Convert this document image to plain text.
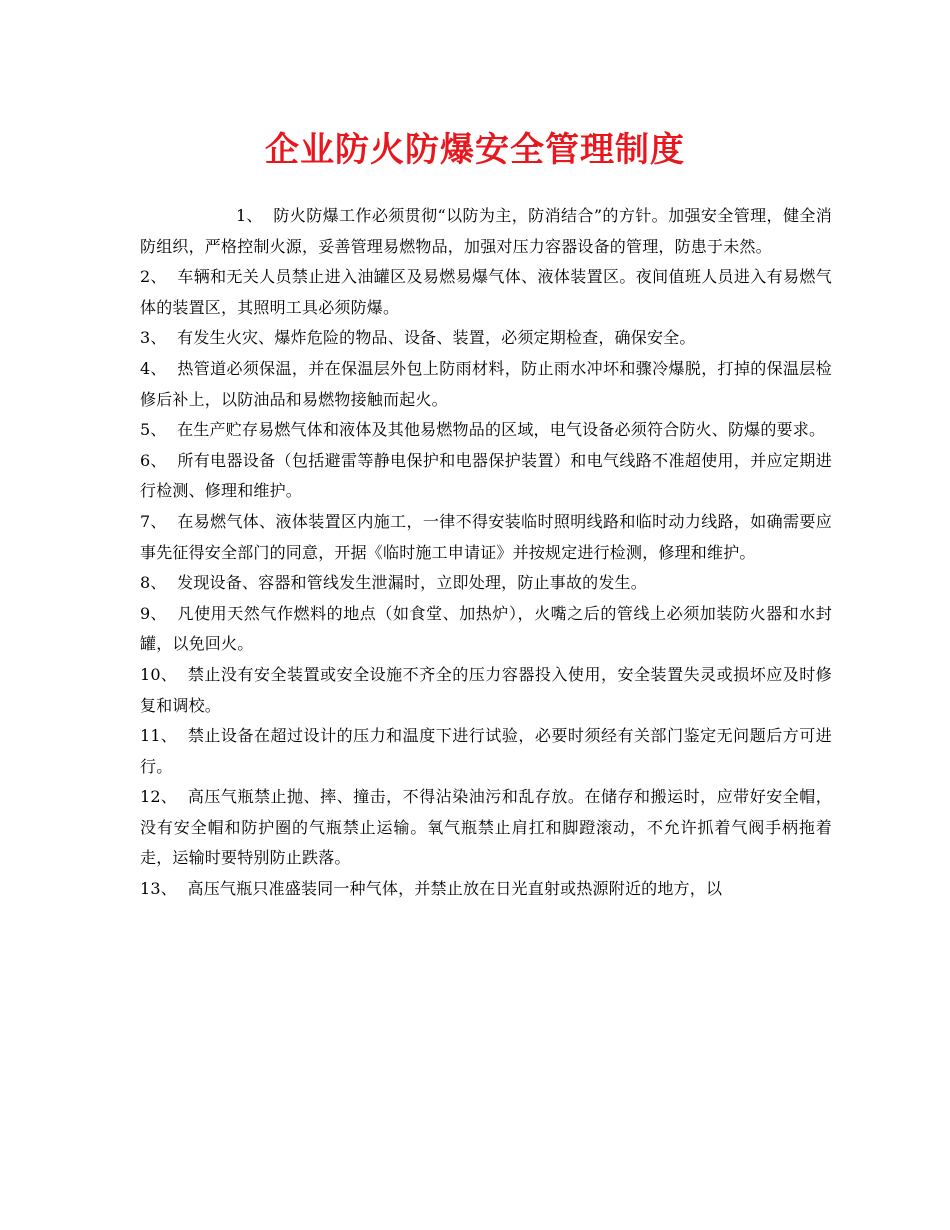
企业防火防爆安全管理制度

1、  防火防爆工作必须贯彻“以防为主，防消结合”的方针。加强安全管理，健全消防组织，严格控制火源，妥善管理易燃物品，加强对压力容器设备的管理，防患于未然。

2、  车辆和无关人员禁止进入油罐区及易燃易爆气体、液体装置区。夜间值班人员进入有易燃气体的装置区，其照明工具必须防爆。

3、  有发生火灾、爆炸危险的物品、设备、装置，必须定期检查，确保安全。

4、  热管道必须保温，并在保温层外包上防雨材料，防止雨水冲坏和骤冷爆脱，打掉的保温层检修后补上，以防油品和易燃物接触而起火。

5、  在生产贮存易燃气体和液体及其他易燃物品的区域，电气设备必须符合防火、防爆的要求。

6、  所有电器设备（包括避雷等静电保护和电器保护装置）和电气线路不准超使用，并应定期进行检测、修理和维护。

7、  在易燃气体、液体装置区内施工，一律不得安装临时照明线路和临时动力线路，如确需要应事先征得安全部门的同意，开据《临时施工申请证》并按规定进行检测，修理和维护。

8、  发现设备、容器和管线发生泄漏时，立即处理，防止事故的发生。

9、  凡使用天然气作燃料的地点（如食堂、加热炉），火嘴之后的管线上必须加装防火器和水封罐，以免回火。

10、  禁止没有安全装置或安全设施不齐全的压力容器投入使用，安全装置失灵或损坏应及时修复和调校。

11、  禁止设备在超过设计的压力和温度下进行试验，必要时须经有关部门鉴定无问题后方可进行。

12、  高压气瓶禁止抛、摔、撞击，不得沾染油污和乱存放。在储存和搬运时，应带好安全帽，没有安全帽和防护圈的气瓶禁止运输。氧气瓶禁止肩扛和脚蹬滚动，不允许抓着气阀手柄拖着走，运输时要特别防止跌落。

13、  高压气瓶只准盛装同一种气体，并禁止放在日光直射或热源附近的地方，以
